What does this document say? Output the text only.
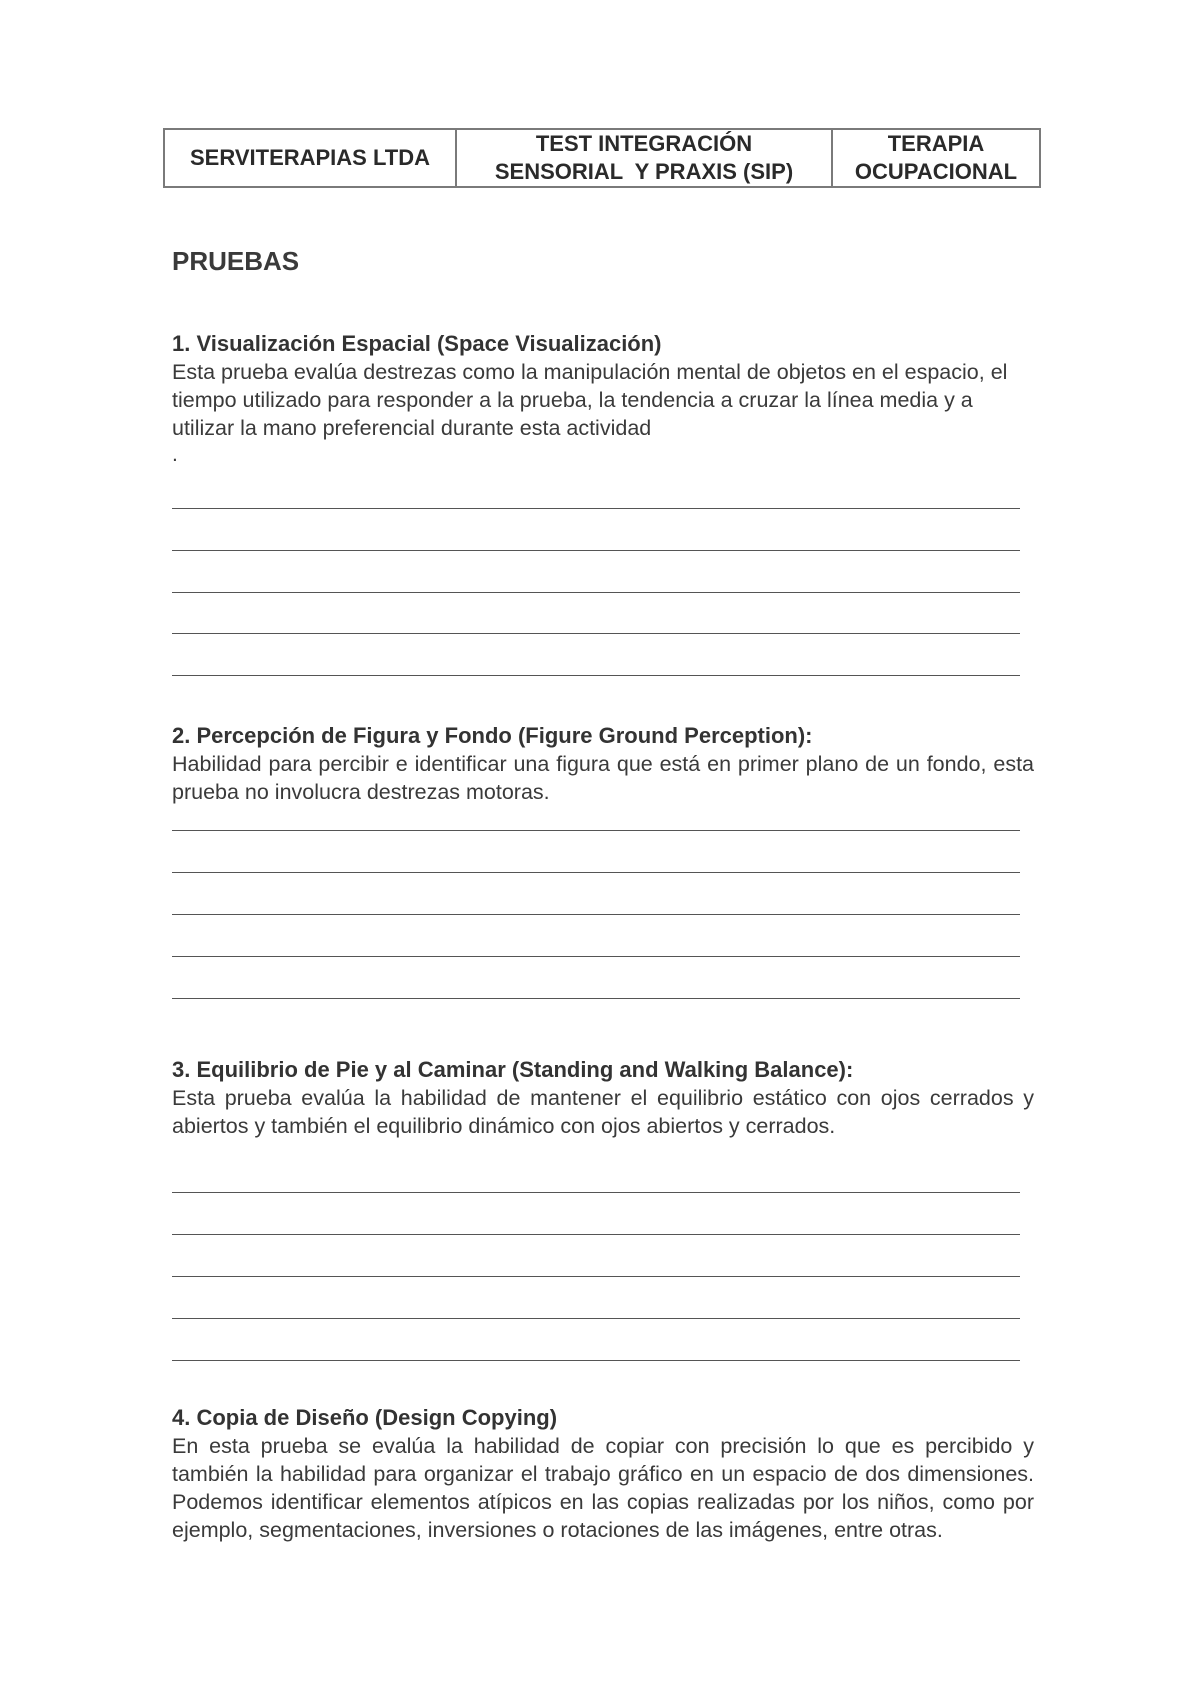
SERVITERAPIAS LTDA
TEST INTEGRACIÓN
SENSORIAL  Y PRAXIS (SIP)
TERAPIA
OCUPACIONAL
PRUEBAS

1. Visualización Espacial (Space Visualización)

Esta prueba evalúa destrezas como la manipulación mental de objetos en el espacio, el tiempo utilizado para responder a la prueba, la tendencia a cruzar la línea media y a utilizar la mano preferencial durante esta actividad

.

2. Percepción de Figura y Fondo (Figure Ground Perception):

Habilidad para percibir e identificar una figura que está en primer plano de un fondo, esta prueba no involucra destrezas motoras.

3. Equilibrio de Pie y al Caminar (Standing and Walking Balance):

Esta prueba evalúa la habilidad de mantener el equilibrio estático con ojos cerrados y abiertos y también el equilibrio dinámico con ojos abiertos y cerrados.

4. Copia de Diseño (Design Copying)

En esta prueba se evalúa la habilidad de copiar con precisión lo que es percibido y también la habilidad para organizar el trabajo gráfico en un espacio de dos dimensiones. Podemos identificar elementos atípicos en las copias realizadas por los niños, como por ejemplo, segmentaciones, inversiones o rotaciones de las imágenes, entre otras.
